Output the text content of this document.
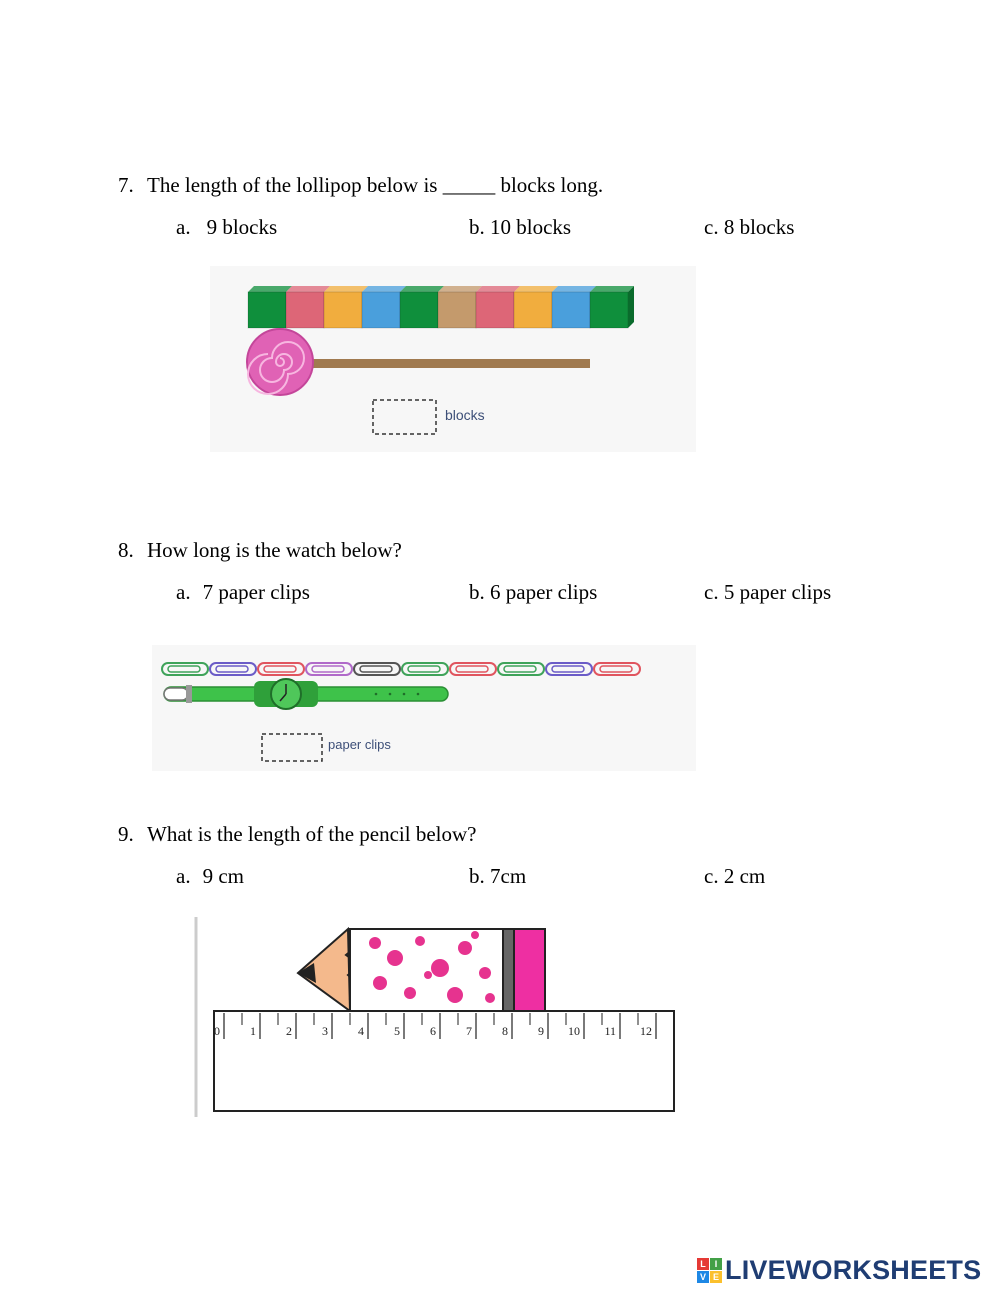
7. The length of the lollipop below is _____ blocks long.
a. 9 blocks	b. 10 blocks	c. 8 blocks
blocks
8. How long is the watch below?
a. 7 paper clips	b. 6 paper clips	c. 5 paper clips
paper clips
9. What is the length of the pencil below?
a. 9 cm	b. 7cm	c. 2 cm
0	1	2	3	4	5	6	7	8	9 10 11 12
L I
V E LIVEWORKSHEETS
